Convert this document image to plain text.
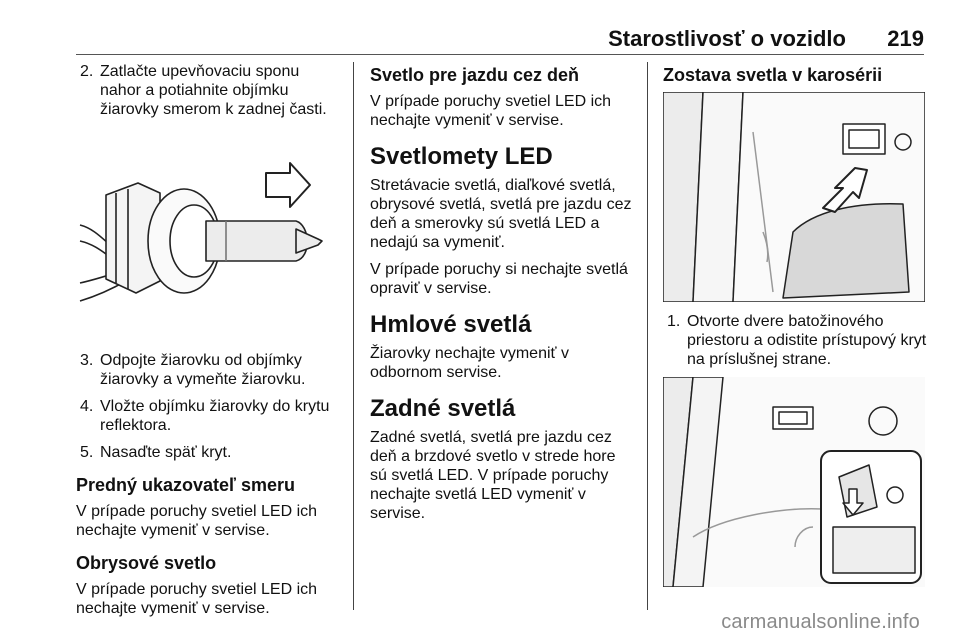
Starostlivosť o vozidlo 219
2. Zatlačte upevňovaciu sponu nahor a potiahnite objímku žiarovky smerom k zadnej časti.
3. Odpojte žiarovku od objímky žiarovky a vymeňte žiarovku.
4. Vložte objímku žiarovky do krytu reflektora.
5. Nasaďte späť kryt.
Predný ukazovateľ smeru

V prípade poruchy svetiel LED ich nechajte vymeniť v servise.

Obrysové svetlo

V prípade poruchy svetiel LED ich nechajte vymeniť v servise.

Svetlo pre jazdu cez deň

V prípade poruchy svetiel LED ich nechajte vymeniť v servise.

Svetlomety LED

Stretávacie svetlá, diaľkové svetlá, obrysové svetlá, svetlá pre jazdu cez deň a smerovky sú svetlá LED a nedajú sa vymeniť.

V prípade poruchy si nechajte svetlá opraviť v servise.

Hmlové svetlá

Žiarovky nechajte vymeniť v odbornom servise.

Zadné svetlá

Zadné svetlá, svetlá pre jazdu cez deň a brzdové svetlo v strede hore sú svetlá LED. V prípade poruchy nechajte svetlá LED vymeniť v servise.

Zostava svetla v karosérii
1. Otvorte dvere batožinového priestoru a odistite prístupový kryt na príslušnej strane.
carmanualsonline.info
